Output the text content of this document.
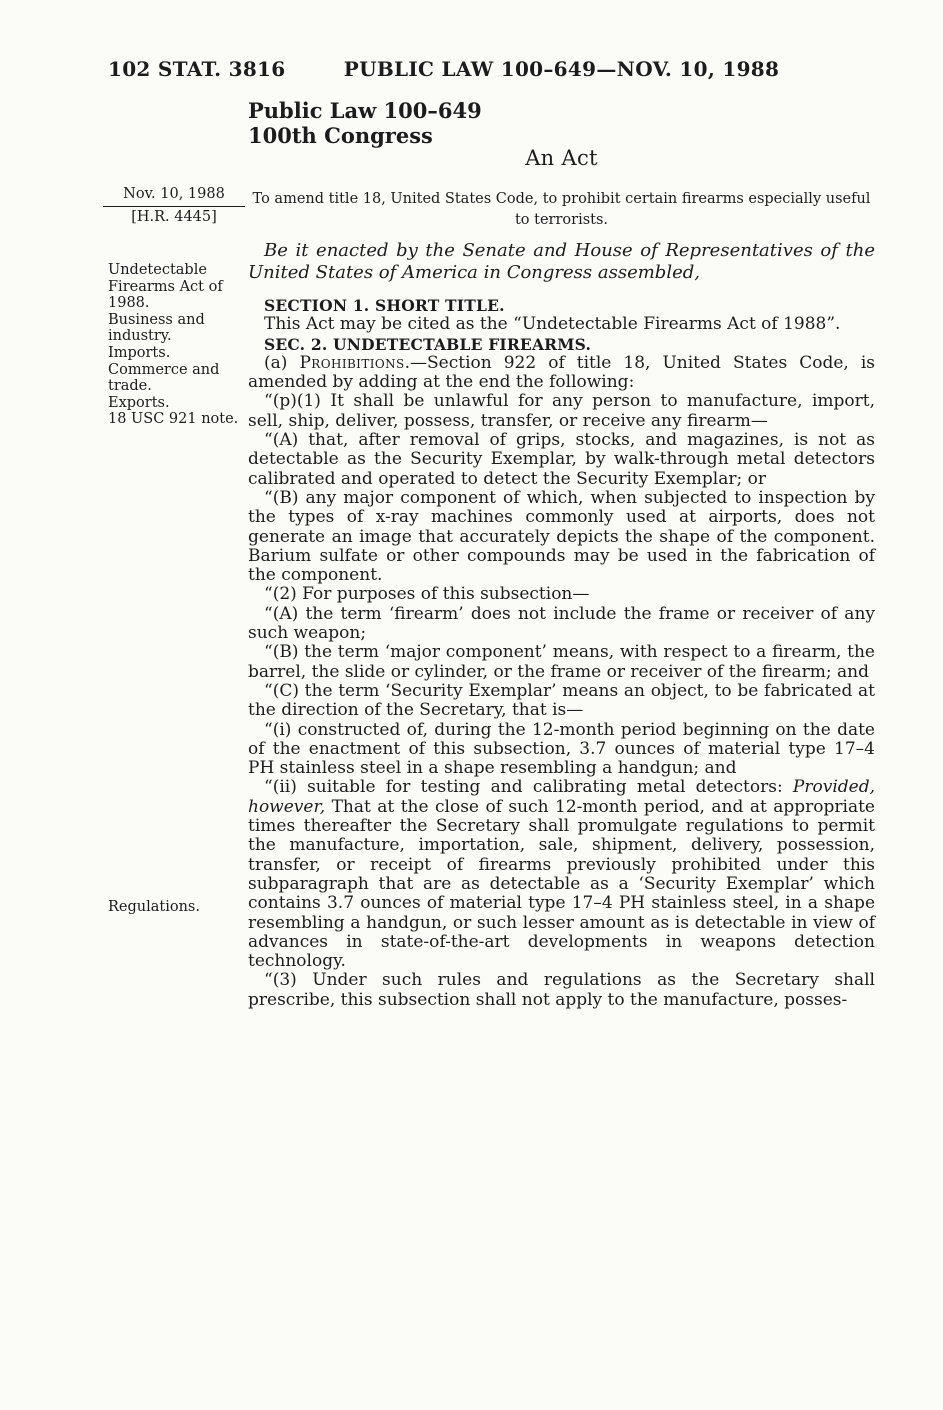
102 STAT. 3816	PUBLIC LAW 100–649—NOV. 10, 1988
Public Law 100–649
100th Congress
An Act
Nov. 10, 1988
[H.R. 4445]
To amend title 18, United States Code, to prohibit certain firearms especially useful to terrorists.
Undetectable Firearms Act of 1988.
Business and industry.
Imports.
Commerce and trade.
Exports.
18 USC 921 note.
Regulations.

Be it enacted by the Senate and House of Representatives of the United States of America in Congress assembled,

SECTION 1. SHORT TITLE.

This Act may be cited as the “Undetectable Firearms Act of 1988”.

SEC. 2. UNDETECTABLE FIREARMS.

(a) Prohibitions.—Section 922 of title 18, United States Code, is amended by adding at the end the following:

“(p)(1) It shall be unlawful for any person to manufacture, import, sell, ship, deliver, possess, transfer, or receive any firearm—

“(A) that, after removal of grips, stocks, and magazines, is not as detectable as the Security Exemplar, by walk-through metal detectors calibrated and operated to detect the Security Exemplar; or

“(B) any major component of which, when subjected to inspection by the types of x-ray machines commonly used at airports, does not generate an image that accurately depicts the shape of the component. Barium sulfate or other compounds may be used in the fabrication of the component.

“(2) For purposes of this subsection—

“(A) the term ‘firearm’ does not include the frame or receiver of any such weapon;

“(B) the term ‘major component’ means, with respect to a firearm, the barrel, the slide or cylinder, or the frame or receiver of the firearm; and

“(C) the term ‘Security Exemplar’ means an object, to be fabricated at the direction of the Secretary, that is—

“(i) constructed of, during the 12-month period beginning on the date of the enactment of this subsection, 3.7 ounces of material type 17–4 PH stainless steel in a shape resembling a handgun; and

“(ii) suitable for testing and calibrating metal detectors: Provided, however, That at the close of such 12-month period, and at appropriate times thereafter the Secretary shall promulgate regulations to permit the manufacture, importation, sale, shipment, delivery, possession, transfer, or receipt of firearms previously prohibited under this subparagraph that are as detectable as a ‘Security Exemplar’ which contains 3.7 ounces of material type 17–4 PH stainless steel, in a shape resembling a handgun, or such lesser amount as is detectable in view of advances in state-of-the-art developments in weapons detection technology.

“(3) Under such rules and regulations as the Secretary shall prescribe, this subsection shall not apply to the manufacture, posses-
